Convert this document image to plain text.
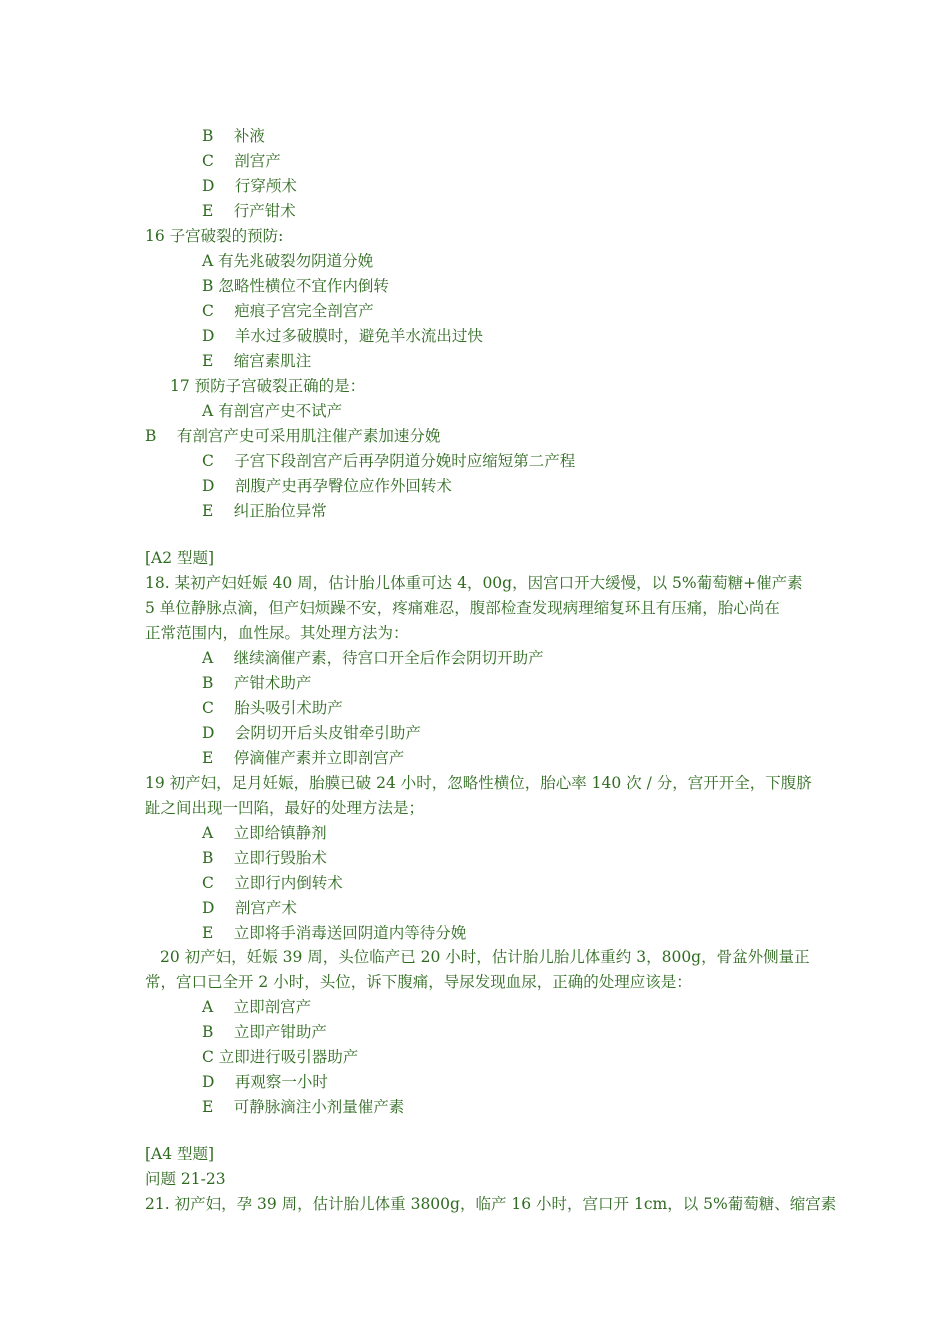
B　 补液
C　 剖宫产
D　 行穿颅术
E　 行产钳术
16 子宫破裂的预防:
A 有先兆破裂勿阴道分娩
B 忽略性横位不宜作内倒转
C　 疤痕子宫完全剖宫产
D　 羊水过多破膜时，避免羊水流出过快
E　 缩宫素肌注
17 预防子宫破裂正确的是：
A 有剖宫产史不试产
B　 有剖宫产史可采用肌注催产素加速分娩
C　 子宫下段剖宫产后再孕阴道分娩时应缩短第二产程
D　 剖腹产史再孕臀位应作外回转术
E　 纠正胎位异常
[A2 型题]
18. 某初产妇妊娠 40 周，估计胎儿体重可达 4，00g，因宫口开大缓慢，以 5%葡萄糖+催产素
5 单位静脉点滴，但产妇烦躁不安，疼痛难忍，腹部检查发现病理缩复环且有压痛，胎心尚在
正常范围内，血性尿。其处理方法为：
A　 继续滴催产素，待宫口开全后作会阴切开助产
B　 产钳术助产
C　 胎头吸引术助产
D　 会阴切开后头皮钳牵引助产
E　 停滴催产素并立即剖宫产
19 初产妇，足月妊娠，胎膜已破 24 小时，忽略性横位，胎心率 140 次 / 分，宫开开全，下腹脐
趾之间出现一凹陷，最好的处理方法是；
A　 立即给镇静剂
B　 立即行毁胎术
C　 立即行内倒转术
D　 剖宫产术
E　 立即将手消毒送回阴道内等待分娩
20 初产妇，妊娠 39 周，头位临产已 20 小时，估计胎儿胎儿体重约 3，800g，骨盆外侧量正
常，宫口已全开 2 小时，头位，诉下腹痛，导尿发现血尿，正确的处理应该是：
A　 立即剖宫产
B　 立即产钳助产
C 立即进行吸引器助产
D　 再观察一小时
E　 可静脉滴注小剂量催产素
[A4 型题]
问题 21-23
21. 初产妇，孕 39 周，估计胎儿体重 3800g，临产 16 小时，宫口开 1cm，以 5%葡萄糖、缩宫素
